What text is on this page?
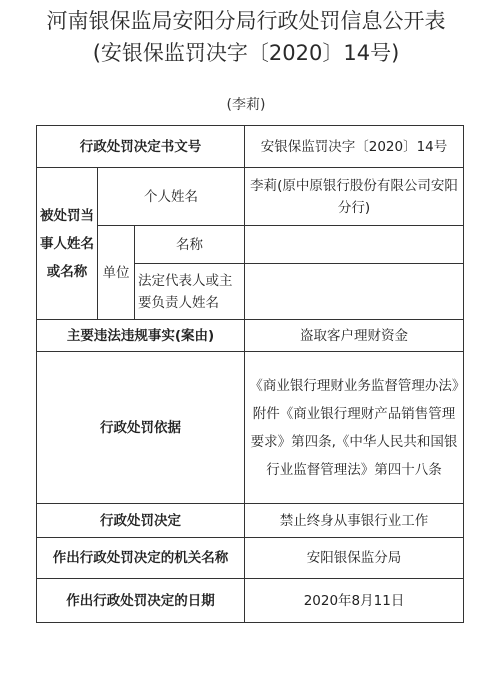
河南银保监局安阳分局行政处罚信息公开表
(安银保监罚决字〔2020〕14号)
(李莉)
行政处罚决定书文号			安银保监罚决字〔2020〕14号
被处罚当事人姓名或名称	个人姓名		李莉(原中原银行股份有限公司安阳分行)
	单位	名称	
		法定代表人或主要负责人姓名	
主要违法违规事实(案由)			盗取客户理财资金
行政处罚依据			《商业银行理财业务监督管理办法》附件《商业银行理财产品销售管理要求》第四条,《中华人民共和国银行业监督管理法》第四十八条
行政处罚决定			禁止终身从事银行业工作
作出行政处罚决定的机关名称			安阳银保监分局
作出行政处罚决定的日期			2020年8月11日
